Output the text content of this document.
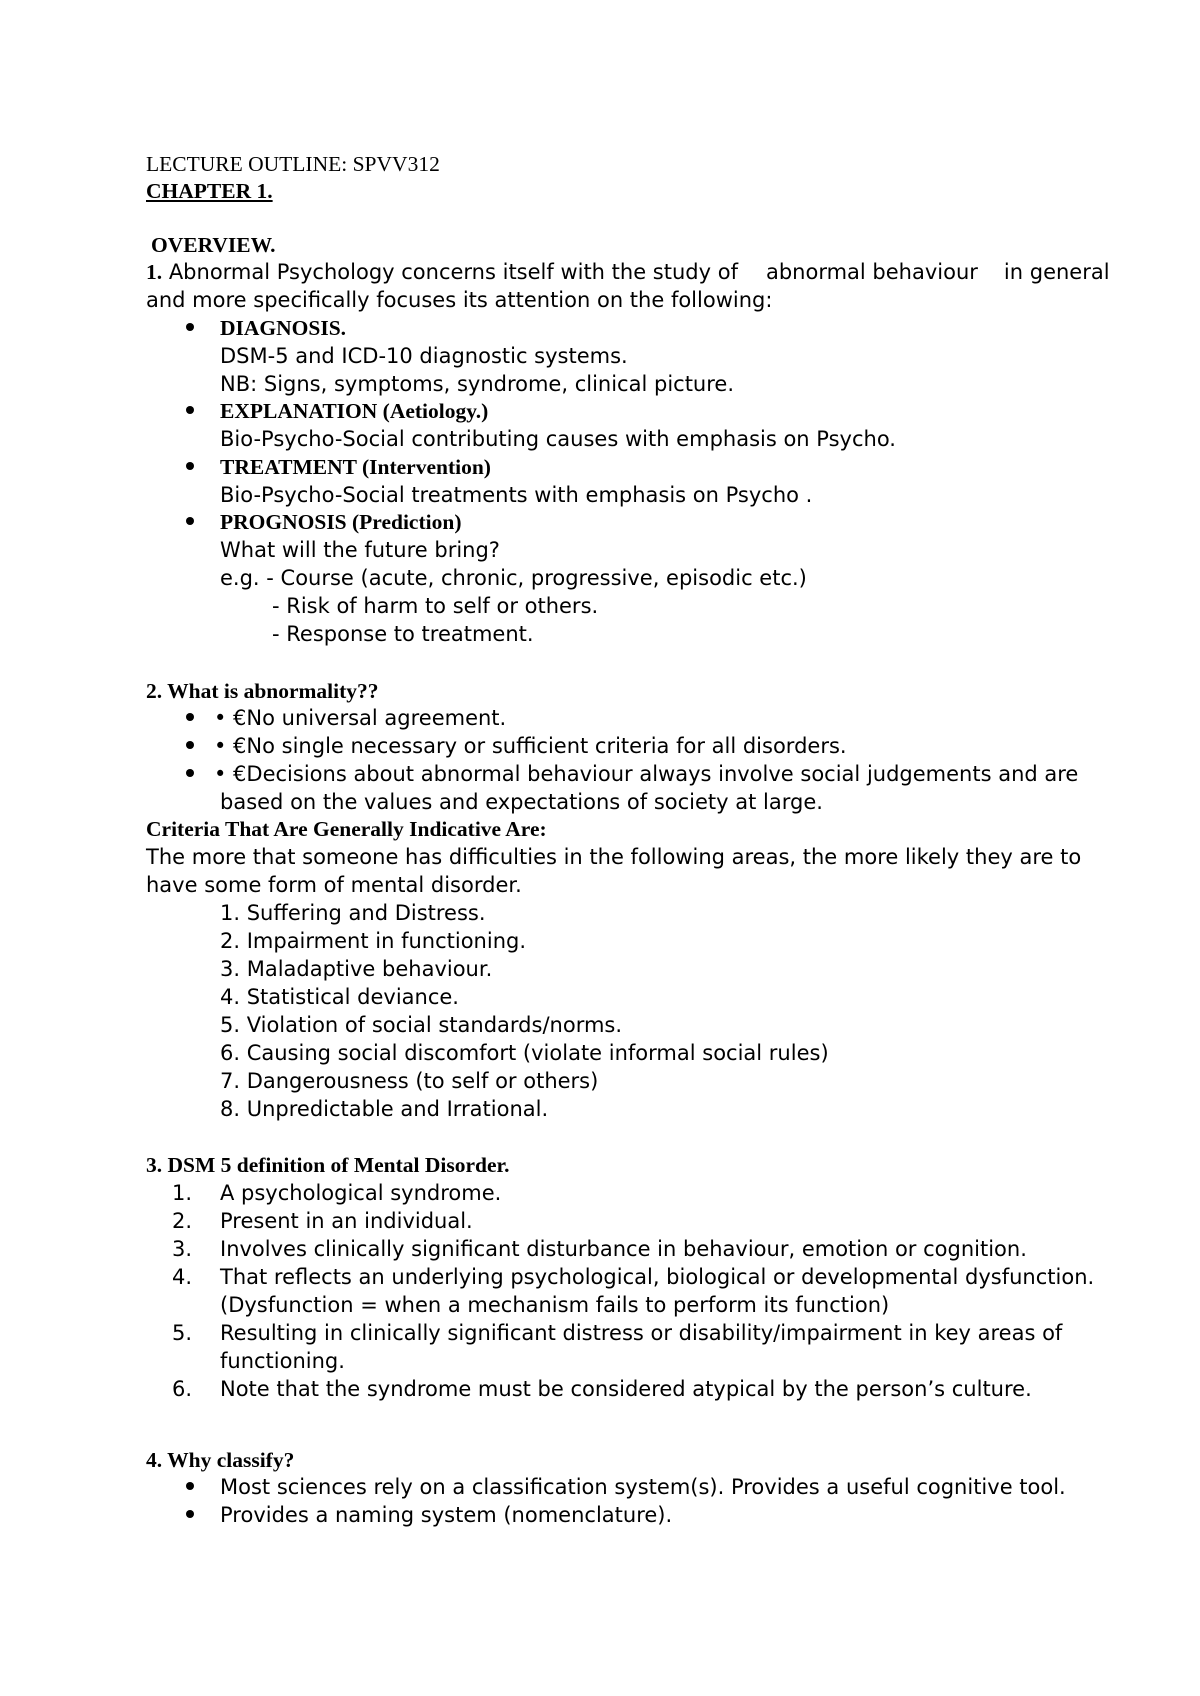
LECTURE OUTLINE: SPVV312
CHAPTER 1.
OVERVIEW.
1. Abnormal Psychology concerns itself with the study of abnormal behaviour in general
and more specifically focuses its attention on the following:
DIAGNOSIS.
DSM-5 and ICD-10 diagnostic systems.
NB: Signs, symptoms, syndrome, clinical picture.
EXPLANATION (Aetiology.)
Bio-Psycho-Social contributing causes with emphasis on Psycho.
TREATMENT (Intervention)
Bio-Psycho-Social treatments with emphasis on Psycho .
PROGNOSIS (Prediction)
What will the future bring?
e.g. - Course (acute, chronic, progressive, episodic etc.)
- Risk of harm to self or others.
- Response to treatment.
2. What is abnormality??
• €No universal agreement.
• €No single necessary or sufficient criteria for all disorders.
• €Decisions about abnormal behaviour always involve social judgements and are
based on the values and expectations of society at large.
Criteria That Are Generally Indicative Are:
The more that someone has difficulties in the following areas, the more likely they are to
have some form of mental disorder.
1. Suffering and Distress.
2. Impairment in functioning.
3. Maladaptive behaviour.
4. Statistical deviance.
5. Violation of social standards/norms.
6. Causing social discomfort (violate informal social rules)
7. Dangerousness (to self or others)
8. Unpredictable and Irrational.
3. DSM 5 definition of Mental Disorder.
1. A psychological syndrome.
2. Present in an individual.
3. Involves clinically significant disturbance in behaviour, emotion or cognition.
4. That reflects an underlying psychological, biological or developmental dysfunction.
(Dysfunction = when a mechanism fails to perform its function)
5. Resulting in clinically significant distress or disability/impairment in key areas of
functioning.
6. Note that the syndrome must be considered atypical by the person’s culture.
4. Why classify?
Most sciences rely on a classification system(s). Provides a useful cognitive tool.
Provides a naming system (nomenclature).
